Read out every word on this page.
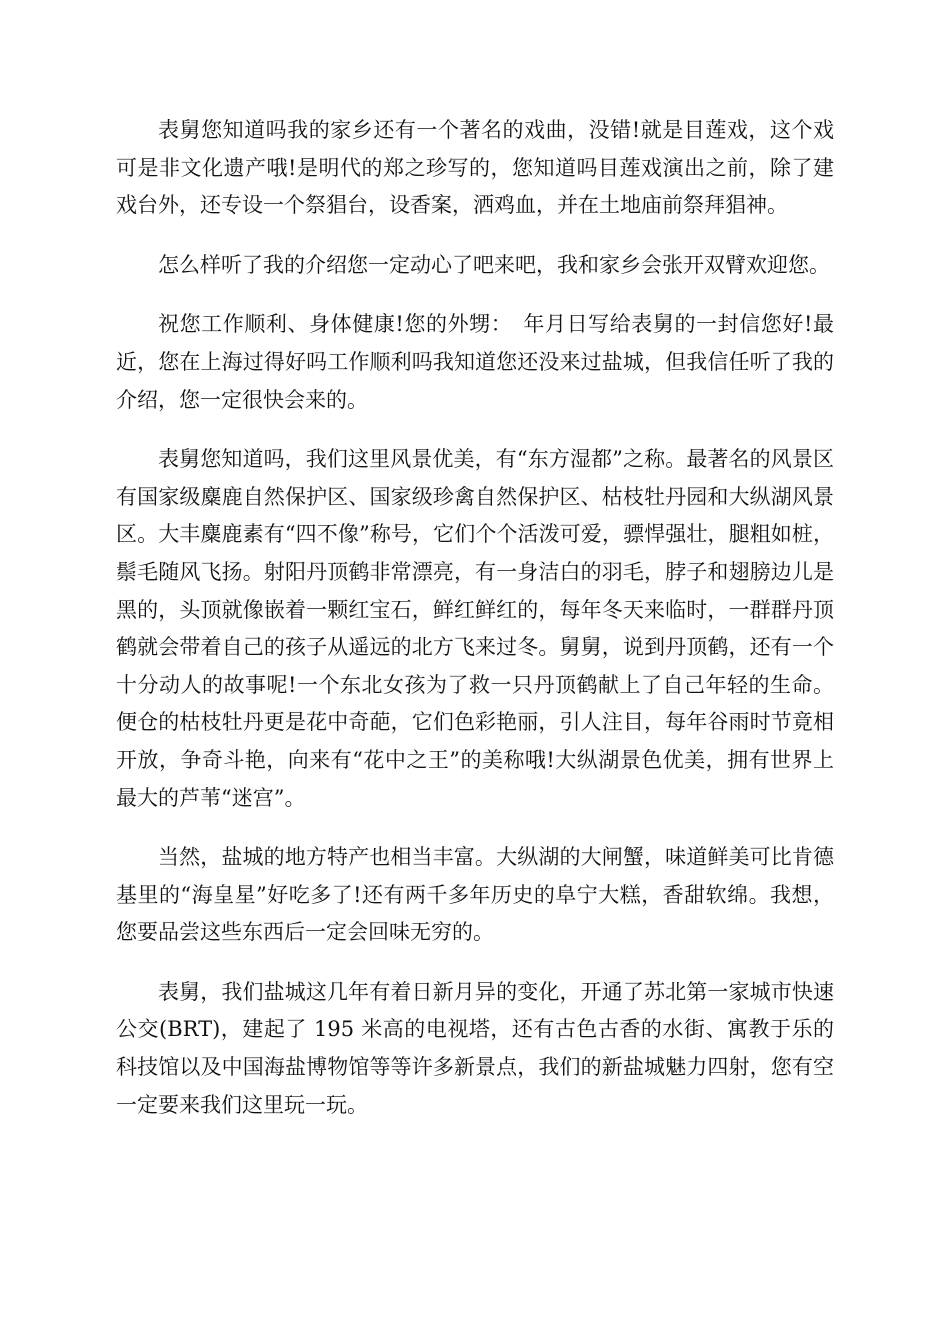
表舅您知道吗我的家乡还有一个著名的戏曲，没错!就是目莲戏，这个戏可是非文化遗产哦!是明代的郑之珍写的，您知道吗目莲戏演出之前，除了建戏台外，还专设一个祭猖台，设香案，洒鸡血，并在土地庙前祭拜猖神。

怎么样听了我的介绍您一定动心了吧来吧，我和家乡会张开双臂欢迎您。

祝您工作顺利、身体健康!您的外甥：　年月日写给表舅的一封信您好!最近，您在上海过得好吗工作顺利吗我知道您还没来过盐城，但我信任听了我的介绍，您一定很快会来的。

表舅您知道吗，我们这里风景优美，有“东方湿都”之称。最著名的风景区有国家级麋鹿自然保护区、国家级珍禽自然保护区、枯枝牡丹园和大纵湖风景区。大丰麋鹿素有“四不像”称号，它们个个活泼可爱，骠悍强壮，腿粗如桩，鬃毛随风飞扬。射阳丹顶鹤非常漂亮，有一身洁白的羽毛，脖子和翅膀边儿是黑的，头顶就像嵌着一颗红宝石，鲜红鲜红的，每年冬天来临时，一群群丹顶鹤就会带着自己的孩子从遥远的北方飞来过冬。舅舅，说到丹顶鹤，还有一个十分动人的故事呢!一个东北女孩为了救一只丹顶鹤献上了自己年轻的生命。便仓的枯枝牡丹更是花中奇葩，它们色彩艳丽，引人注目，每年谷雨时节竟相开放，争奇斗艳，向来有“花中之王”的美称哦!大纵湖景色优美，拥有世界上最大的芦苇“迷宫”。

当然，盐城的地方特产也相当丰富。大纵湖的大闸蟹，味道鲜美可比肯德基里的“海皇星”好吃多了!还有两千多年历史的阜宁大糕，香甜软绵。我想，您要品尝这些东西后一定会回味无穷的。

表舅，我们盐城这几年有着日新月异的变化，开通了苏北第一家城市快速公交(BRT)，建起了 195 米高的电视塔，还有古色古香的水街、寓教于乐的科技馆以及中国海盐博物馆等等许多新景点，我们的新盐城魅力四射，您有空一定要来我们这里玩一玩。
